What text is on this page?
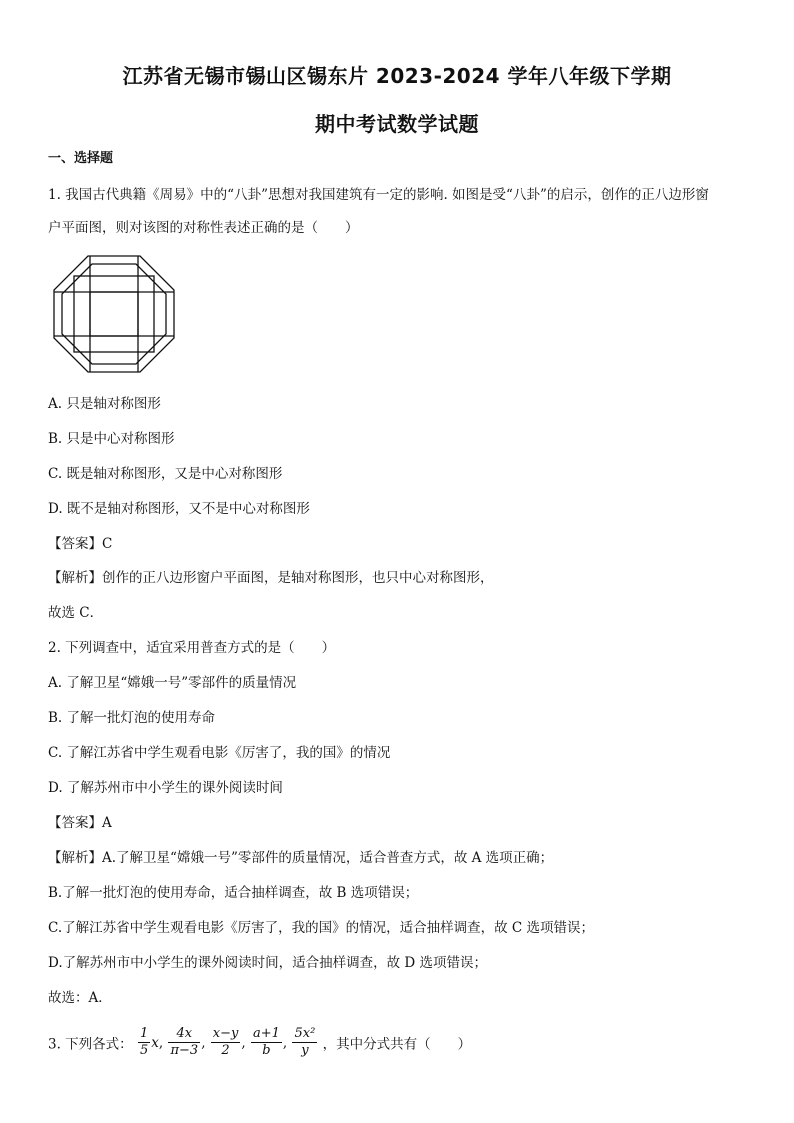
江苏省无锡市锡山区锡东片 2023-2024 学年八年级下学期
期中考试数学试题
一、选择题
1. 我国古代典籍《周易》中的“八卦”思想对我国建筑有一定的影响. 如图是受“八卦”的启示，创作的正八边形窗
户平面图，则对该图的对称性表述正确的是（　　）
A. 只是轴对称图形
B. 只是中心对称图形
C. 既是轴对称图形，又是中心对称图形
D. 既不是轴对称图形，又不是中心对称图形
【答案】C
【解析】创作的正八边形窗户平面图，是轴对称图形，也只中心对称图形，
故选 C．
2. 下列调查中，适宜采用普查方式的是（　　）
A. 了解卫星“嫦娥一号”零部件的质量情况
B. 了解一批灯泡的使用寿命
C. 了解江苏省中学生观看电影《厉害了，我的国》的情况
D. 了解苏州市中小学生的课外阅读时间
【答案】A
【解析】A.了解卫星“嫦娥一号”零部件的质量情况，适合普查方式，故 A 选项正确；
B.了解一批灯泡的使用寿命，适合抽样调查，故 B 选项错误；
C.了解江苏省中学生观看电影《厉害了，我的国》的情况，适合抽样调查，故 C 选项错误；
D.了解苏州市中小学生的课外阅读时间，适合抽样调查，故 D 选项错误；
故选：A．
3. 下列各式： $\frac{1}{5} x$, $\frac{4x}{\pi-3}$ , $\frac{x-y}{2}$ , $\frac{a+1}{b}$ , $\frac{\text{5x²}}{y}$ ，其中分式共有（　　）
